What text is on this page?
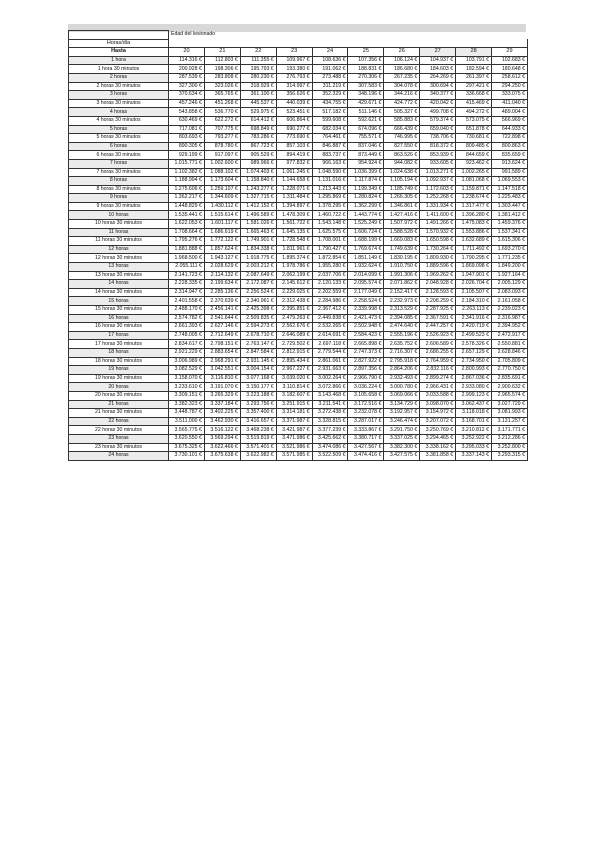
	Edad del lesionado									

Horas/día										

Hasta	20	21	22	23	24	25	26	27	28	29
1 hora	114.316 €	112.803 €	111.355 €	109.967 €	108.636 €	107.356 €	106.124 €	104.937 €	103.791 €	102.683 €
1 hora 30 minutos	200.928 €	198.306 €	195.793 €	193.380 €	191.062 €	188.831 €	186.680 €	184.603 €	182.594 €	180.648 €
2 horas	287.539 €	283.808 €	280.230 €	276.793 €	273.488 €	270.306 €	267.235 €	264.269 €	261.397 €	258.612 €
2 horas 30 minutos	327.300 €	323.026 €	318.929 €	314.997 €	311.219 €	307.583 €	304.078 €	300.694 €	297.421 €	294.250 €
3 horas	370.634 €	365.765 €	361.100 €	356.626 €	352.329 €	348.196 €	344.216 €	340.377 €	336.668 €	333.075 €
3 horas 30 minutos	457.246 €	451.268 €	445.537 €	440.039 €	434.755 €	429.671 €	424.772 €	420.042 €	415.469 €	411.040 €
4 horas	543.858 €	536.770 €	529.975 €	523.451 €	517.182 €	511.146 €	505.327 €	499.708 €	494.272 €	489.004 €
4 horas 30 minutos	630.469 €	622.272 €	614.412 €	606.864 €	599.608 €	592.621 €	585.883 €	579.374 €	573.075 €	566.969 €
5 horas	717.081 €	707.775 €	698.849 €	690.277 €	682.034 €	674.096 €	666.439 €	659.040 €	651.878 €	644.933 €
5 horas 30 minutos	803.693 €	793.277 €	783.286 €	773.690 €	764.461 €	755.571 €	746.995 €	738.706 €	730.681 €	722.898 €
6 horas	890.305 €	878.780 €	867.723 €	857.103 €	846.887 €	837.046 €	827.550 €	818.372 €	809.485 €	800.863 €
6 horas 30 minutos	929.199 €	917.097 €	905.529 €	894.419 €	883.737 €	873.449 €	863.526 €	853.939 €	844.659 €	835.659 €
7 horas	1.015.771 €	1.002.600 €	989.966 €	977.832 €	966.163 €	954.924 €	944.082 €	933.605 €	923.462 €	913.624 €
7 horas 30 minutos	1.102.382 €	1.088.102 €	1.074.403 €	1.061.245 €	1.048.590 €	1.036.399 €	1.024.638 €	1.013.271 €	1.002.265 €	991.589 €
8 horas	1.188.994 €	1.173.604 €	1.158.840 €	1.144.658 €	1.131.016 €	1.117.874 €	1.105.194 €	1.092.937 €	1.081.068 €	1.069.553 €
8 horas 30 minutos	1.275.606 €	1.259.107 €	1.243.277 €	1.228.071 €	1.213.443 €	1.199.349 €	1.185.749 €	1.172.603 €	1.159.871 €	1.147.518 €
9 horas	1.362.217 €	1.344.609 €	1.327.715 €	1.311.484 €	1.295.869 €	1.280.824 €	1.266.305 €	1.252.268 €	1.238.674 €	1.225.483 €
9 horas 30 minutos	1.448.829 €	1.430.112 €	1.412.152 €	1.394.897 €	1.378.295 €	1.362.299 €	1.346.861 €	1.331.934 €	1.317.477 €	1.303.447 €
10 horas	1.535.441 €	1.515.614 €	1.496.589 €	1.478.309 €	1.460.722 €	1.443.774 €	1.427.416 €	1.411.600 €	1.396.280 €	1.381.412 €
10 horas 30 minutos	1.622.053 €	1.601.117 €	1.581.026 €	1.561.722 €	1.543.148 €	1.525.249 €	1.507.972 €	1.491.266 €	1.475.083 €	1.459.376 €
11 horas	1.708.664 €	1.686.619 €	1.665.463 €	1.645.135 €	1.625.575 €	1.606.724 €	1.588.528 €	1.570.932 €	1.553.886 €	1.537.341 €
11 horas 30 minutos	1.795.276 €	1.772.122 €	1.749.901 €	1.728.548 €	1.708.001 €	1.688.199 €	1.669.083 €	1.650.598 €	1.632.689 €	1.615.306 €
12 horas	1.881.888 €	1.857.624 €	1.834.338 €	1.811.961 €	1.790.427 €	1.769.674 €	1.749.639 €	1.730.264 €	1.711.492 €	1.693.270 €
12 horas 30 minutos	1.968.500 €	1.943.127 €	1.918.775 €	1.895.374 €	1.872.854 €	1.851.149 €	1.830.195 €	1.809.930 €	1.790.295 €	1.771.235 €
13 horas	2.055.111 €	2.028.629 €	2.003.212 €	1.978.786 €	1.955.280 €	1.932.624 €	1.910.750 €	1.889.596 €	1.869.098 €	1.849.200 €
13 horas 30 minutos	2.141.723 €	2.114.132 €	2.087.649 €	2.062.199 €	2.037.706 €	2.014.099 €	1.991.306 €	1.969.262 €	1.947.901 €	1.927.164 €
14 horas	2.228.335 €	2.199.634 €	2.172.087 €	2.145.612 €	2.120.133 €	2.095.574 €	2.071.862 €	2.048.928 €	2.026.704 €	2.005.129 €
14 horas 30 minutos	2.314.947 €	2.285.136 €	2.256.524 €	2.229.025 €	2.202.559 €	2.177.049 €	2.152.417 €	2.128.593 €	2.105.507 €	2.083.093 €
15 horas	2.401.558 €	2.370.639 €	2.340.961 €	2.312.438 €	2.284.986 €	2.258.524 €	2.232.973 €	2.208.259 €	2.184.310 €	2.161.058 €
15 horas 30 minutos	2.488.170 €	2.456.141 €	2.425.398 €	2.395.851 €	2.367.412 €	2.339.998 €	2.313.529 €	2.287.925 €	2.263.113 €	2.239.023 €
16 horas	2.574.782 €	2.541.644 €	2.509.835 €	2.479.263 €	2.449.838 €	2.421.473 €	2.394.085 €	2.367.591 €	2.341.916 €	2.316.987 €
16 horas 30 minutos	2.661.393 €	2.627.146 €	2.594.273 €	2.562.676 €	2.532.265 €	2.502.948 €	2.474.640 €	2.447.257 €	2.420.719 €	2.394.952 €
17 horas	2.748.005 €	2.712.649 €	2.678.710 €	2.646.089 €	2.614.691 €	2.584.423 €	2.555.196 €	2.526.923 €	2.499.523 €	2.472.917 €
17 horas 30 minutos	2.834.617 €	2.798.151 €	2.763.147 €	2.729.502 €	2.697.118 €	2.665.898 €	2.635.752 €	2.606.589 €	2.578.326 €	2.550.881 €
18 horas	2.921.229 €	2.883.654 €	2.847.584 €	2.812.915 €	2.779.544 €	2.747.373 €	2.716.307 €	2.686.255 €	2.657.129 €	2.628.846 €
18 horas 30 minutos	3.006.989 €	2.968.291 €	2.931.145 €	2.895.434 €	2.861.061 €	2.827.922 €	2.795.918 €	2.764.959 €	2.734.950 €	2.705.809 €
19 horas	3.082.529 €	3.042.551 €	3.004.154 €	2.967.227 €	2.931.663 €	2.897.356 €	2.864.206 €	2.832.116 €	2.800.993 €	2.770.750 €
19 horas 30 minutos	3.158.070 €	3.116.810 €	3.077.168 €	3.039.020 €	3.002.264 €	2.966.790 €	2.932.493 €	2.899.274 €	2.867.036 €	2.835.691 €
20 horas	3.233.610 €	3.191.070 €	3.150.177 €	3.110.814 €	3.072.866 €	3.036.224 €	3.000.780 €	2.966.431 €	2.933.080 €	2.900.632 €
20 horas 30 minutos	3.309.151 €	3.265.329 €	3.223.188 €	3.182.607 €	3.143.468 €	3.105.658 €	3.069.066 €	3.033.588 €	2.999.123 €	2.965.574 €
21 horas	3.382.323 €	3.337.184 €	3.293.756 €	3.251.915 €	3.211.541 €	3.172.516 €	3.134.729 €	3.098.070 €	3.062.437 €	3.027.729 €
21 horas 30 minutos	3.448.787 €	3.402.225 €	3.357.400 €	3.314.181 €	3.272.438 €	3.232.078 €	3.192.957 €	3.154.972 €	3.118.018 €	3.081.993 €
22 horas	3.511.000 €	3.462.930 €	3.416.657 €	3.371.987 €	3.328.815 €	3.287.017 €	3.246.474 €	3.207.072 €	3.168.701 €	3.131.257 €
22 horas 30 minutos	3.565.775 €	3.516.122 €	3.468.238 €	3.421.987 €	3.377.239 €	3.333.867 €	3.291.750 €	3.250.769 €	3.210.812 €	3.171.771 €
23 horas	3.620.550 €	3.569.294 €	3.519.819 €	3.471.986 €	3.425.662 €	3.380.717 €	3.337.025 €	3.294.465 €	3.252.922 €	3.212.286 €
23 horas 30 minutos	3.675.325 €	3.622.466 €	3.571.401 €	3.521.986 €	3.474.086 €	3.427.567 €	3.382.300 €	3.338.162 €	3.295.033 €	3.252.800 €
24 horas	3.730.101 €	3.675.638 €	3.622.982 €	3.571.985 €	3.522.509 €	3.474.416 €	3.427.575 €	3.381.858 €	3.337.143 €	3.293.315 €
